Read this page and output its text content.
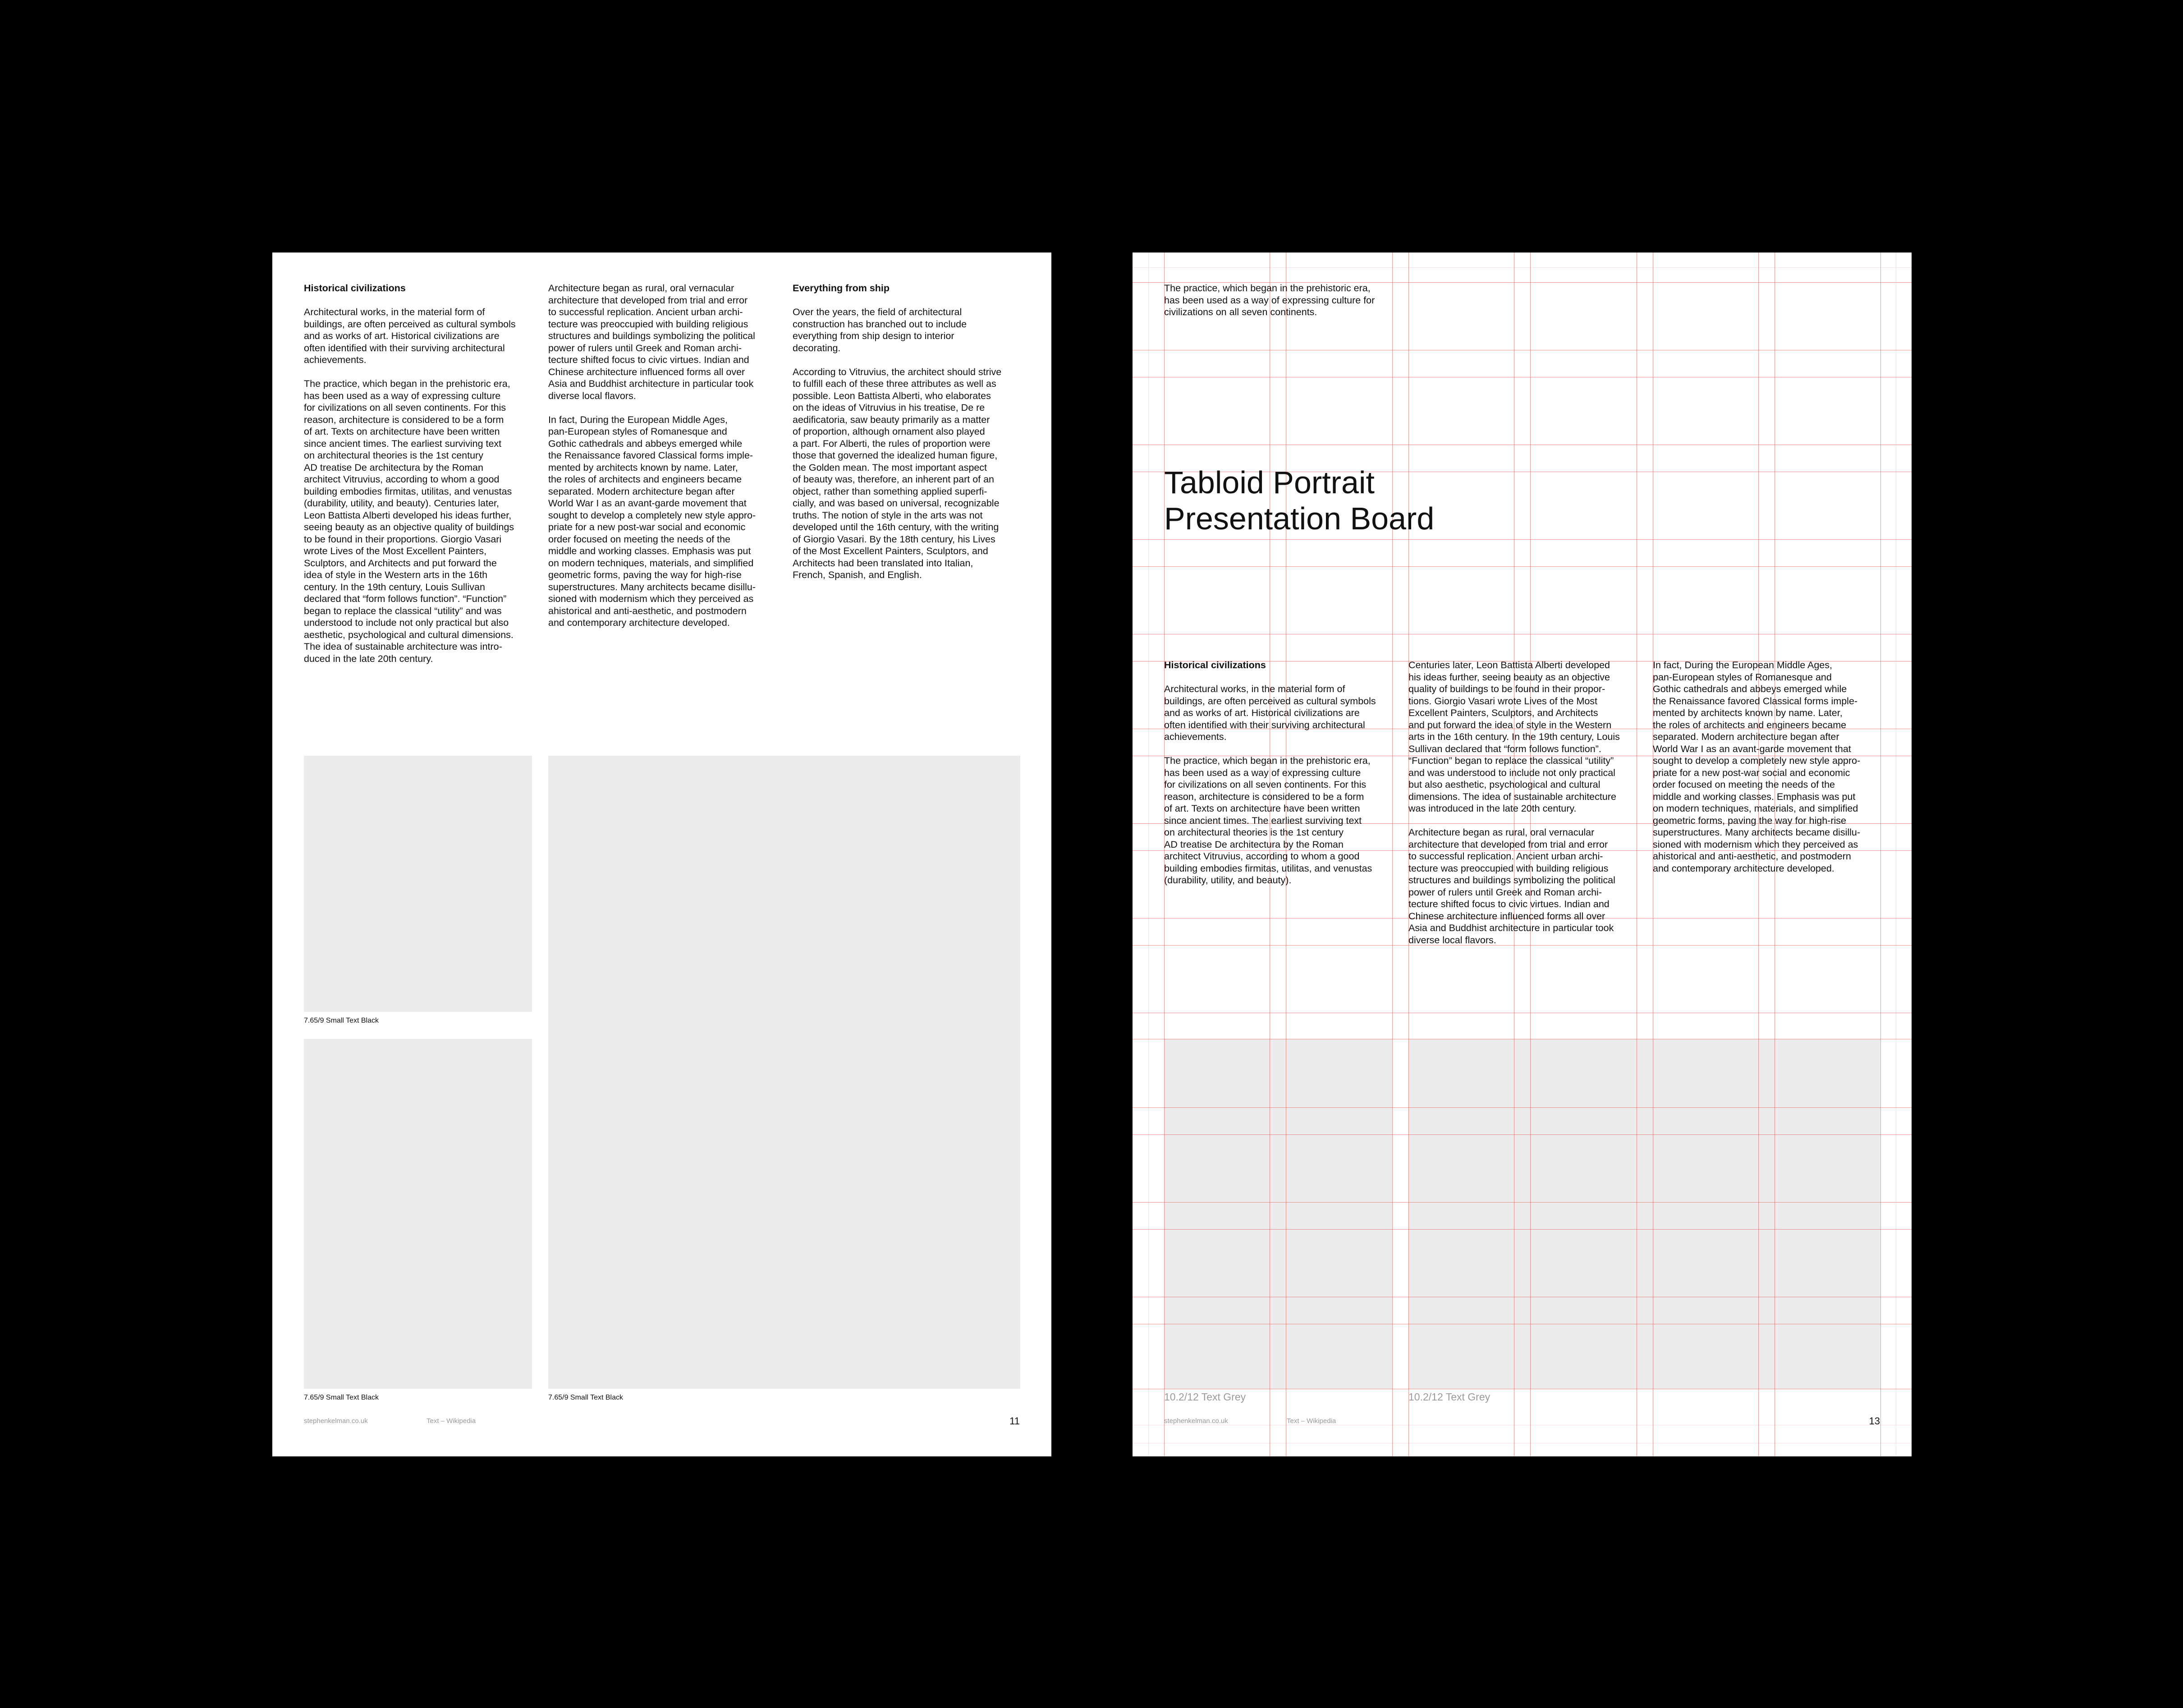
Historical civilizations

Architectural works, in the material form of
buildings, are often perceived as cultural symbols
and as works of art. Historical civilizations are
often identified with their surviving architectural
achievements.

The practice, which began in the prehistoric era,
has been used as a way of expressing culture
for civilizations on all seven continents. For this
reason, architecture is considered to be a form
of art. Texts on architecture have been written
since ancient times. The earliest surviving text
on architectural theories is the 1st century
AD treatise De architectura by the Roman
architect Vitruvius, according to whom a good
building embodies firmitas, utilitas, and venustas
(durability, utility, and beauty). Centuries later,
Leon Battista Alberti developed his ideas further,
seeing beauty as an objective quality of buildings
to be found in their proportions. Giorgio Vasari
wrote Lives of the Most Excellent Painters,
Sculptors, and Architects and put forward the
idea of style in the Western arts in the 16th
century. In the 19th century, Louis Sullivan
declared that “form follows function”. “Function”
began to replace the classical “utility” and was
understood to include not only practical but also
aesthetic, psychological and cultural dimensions.
The idea of sustainable architecture was intro-
duced in the late 20th century.

Architecture began as rural, oral vernacular
architecture that developed from trial and error
to successful replication. Ancient urban archi-
tecture was preoccupied with building religious
structures and buildings symbolizing the political
power of rulers until Greek and Roman archi-
tecture shifted focus to civic virtues. Indian and
Chinese architecture influenced forms all over
Asia and Buddhist architecture in particular took
diverse local flavors.

In fact, During the European Middle Ages,
pan-European styles of Romanesque and
Gothic cathedrals and abbeys emerged while
the Renaissance favored Classical forms imple-
mented by architects known by name. Later,
the roles of architects and engineers became
separated. Modern architecture began after
World War I as an avant-garde movement that
sought to develop a completely new style appro-
priate for a new post-war social and economic
order focused on meeting the needs of the
middle and working classes. Emphasis was put
on modern techniques, materials, and simplified
geometric forms, paving the way for high-rise
superstructures. Many architects became disillu-
sioned with modernism which they perceived as
ahistorical and anti-aesthetic, and postmodern
and contemporary architecture developed.

Everything from ship

Over the years, the field of architectural
construction has branched out to include
everything from ship design to interior
decorating.

According to Vitruvius, the architect should strive
to fulfill each of these three attributes as well as
possible. Leon Battista Alberti, who elaborates
on the ideas of Vitruvius in his treatise, De re
aedificatoria, saw beauty primarily as a matter
of proportion, although ornament also played
a part. For Alberti, the rules of proportion were
those that governed the idealized human figure,
the Golden mean. The most important aspect
of beauty was, therefore, an inherent part of an
object, rather than something applied superfi-
cially, and was based on universal, recognizable
truths. The notion of style in the arts was not
developed until the 16th century, with the writing
of Giorgio Vasari. By the 18th century, his Lives
of the Most Excellent Painters, Sculptors, and
Architects had been translated into Italian,
French, Spanish, and English.

7.65/9 Small Text Black
7.65/9 Small Text Black	7.65/9 Small Text Black
stephenkelman.co.uk	Text – Wikipedia	11

The practice, which began in the prehistoric era,
has been used as a way of expressing culture for
civilizations on all seven continents.

Tabloid Portrait
Presentation Board

Historical civilizations

Architectural works, in the material form of
buildings, are often perceived as cultural symbols
and as works of art. Historical civilizations are
often identified with their surviving architectural
achievements.

The practice, which began in the prehistoric era,
has been used as a way of expressing culture
for civilizations on all seven continents. For this
reason, architecture is considered to be a form
of art. Texts on architecture have been written
since ancient times. The earliest surviving text
on architectural theories is the 1st century
AD treatise De architectura by the Roman
architect Vitruvius, according to whom a good
building embodies firmitas, utilitas, and venustas
(durability, utility, and beauty).

Centuries later, Leon Battista Alberti developed
his ideas further, seeing beauty as an objective
quality of buildings to be found in their propor-
tions. Giorgio Vasari wrote Lives of the Most
Excellent Painters, Sculptors, and Architects
and put forward the idea of style in the Western
arts in the 16th century. In the 19th century, Louis
Sullivan declared that “form follows function”.
“Function” began to replace the classical “utility”
and was understood to include not only practical
but also aesthetic, psychological and cultural
dimensions. The idea of sustainable architecture
was introduced in the late 20th century.

Architecture began as rural, oral vernacular
architecture that developed from trial and error
to successful replication. Ancient urban archi-
tecture was preoccupied with building religious
structures and buildings symbolizing the political
power of rulers until Greek and Roman archi-
tecture shifted focus to civic virtues. Indian and
Chinese architecture influenced forms all over
Asia and Buddhist architecture in particular took
diverse local flavors.

In fact, During the European Middle Ages,
pan-European styles of Romanesque and
Gothic cathedrals and abbeys emerged while
the Renaissance favored Classical forms imple-
mented by architects known by name. Later,
the roles of architects and engineers became
separated. Modern architecture began after
World War I as an avant-garde movement that
sought to develop a completely new style appro-
priate for a new post-war social and economic
order focused on meeting the needs of the
middle and working classes. Emphasis was put
on modern techniques, materials, and simplified
geometric forms, paving the way for high-rise
superstructures. Many architects became disillu-
sioned with modernism which they perceived as
ahistorical and anti-aesthetic, and postmodern
and contemporary architecture developed.

10.2/12 Text Grey	10.2/12 Text Grey
stephenkelman.co.uk	Text – Wikipedia	13
